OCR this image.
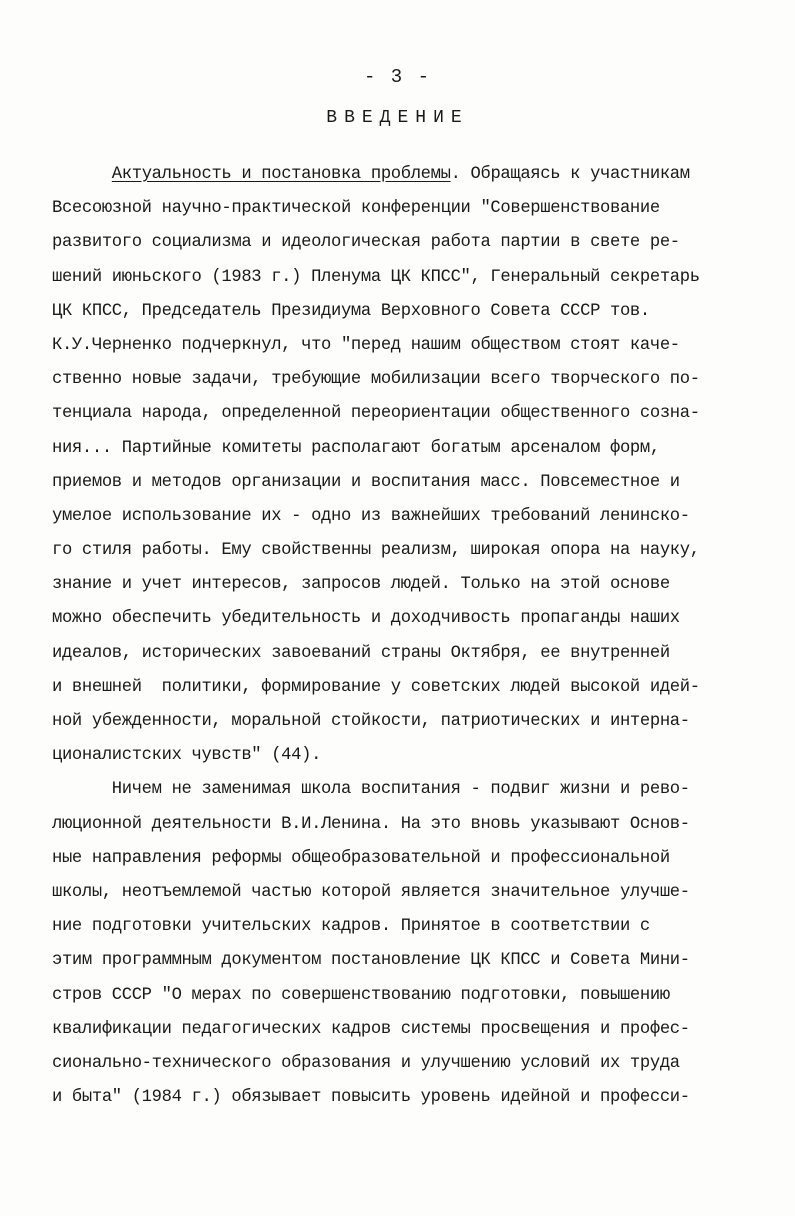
- 3 -
ВВЕДЕНИЕ
Актуальность и постановка проблемы. Обращаясь к участникам
Всесоюзной научно-практической конференции "Совершенствование
развитого социализма и идеологическая работа партии в свете ре-
шений июньского (1983 г.) Пленума ЦК КПСС", Генеральный секретарь
ЦК КПСС, Председатель Президиума Верховного Совета СССР тов.
К.У.Черненко подчеркнул, что "перед нашим обществом стоят каче-
ственно новые задачи, требующие мобилизации всего творческого по-
тенциала народа, определенной переориентации общественного созна-
ния... Партийные комитеты располагают богатым арсеналом форм,
приемов и методов организации и воспитания масс. Повсеместное и
умелое использование их - одно из важнейших требований ленинско-
го стиля работы. Ему свойственны реализм, широкая опора на науку,
знание и учет интересов, запросов людей. Только на этой основе
можно обеспечить убедительность и доходчивость пропаганды наших
идеалов, исторических завоеваний страны Октября, ее внутренней
и внешней  политики, формирование у советских людей высокой идей-
ной убежденности, моральной стойкости, патриотических и интерна-
ционалистских чувств" (44).
Ничем не заменимая школа воспитания - подвиг жизни и рево-
люционной деятельности В.И.Ленина. На это вновь указывают Основ-
ные направления реформы общеобразовательной и профессиональной
школы, неотъемлемой частью которой является значительное улучше-
ние подготовки учительских кадров. Принятое в соответствии с
этим программным документом постановление ЦК КПСС и Совета Мини-
стров СССР "О мерах по совершенствованию подготовки, повышению
квалификации педагогических кадров системы просвещения и профес-
сионально-технического образования и улучшению условий их труда
и быта" (1984 г.) обязывает повысить уровень идейной и професси-
